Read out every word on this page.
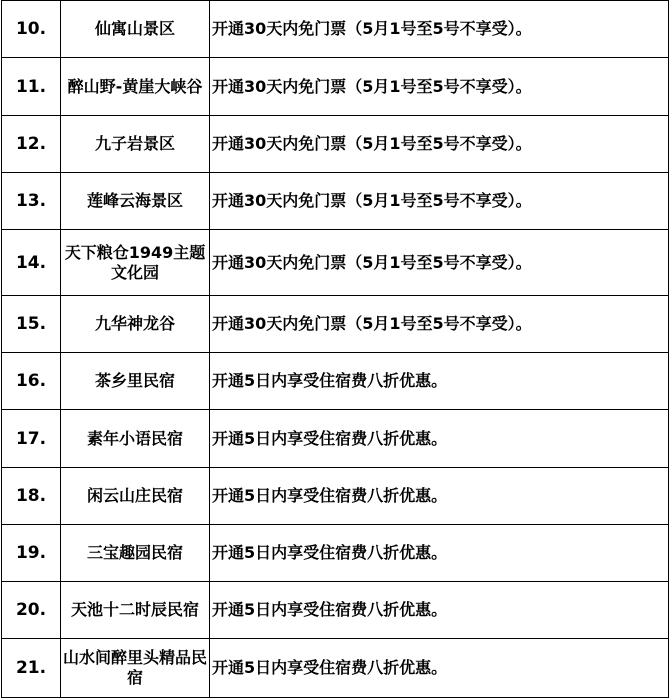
10.	仙寓山景区	开通30天内免门票（5月1号至5号不享受）。
11.	醉山野-黄崖大峡谷	开通30天内免门票（5月1号至5号不享受）。
12.	九子岩景区	开通30天内免门票（5月1号至5号不享受）。
13.	莲峰云海景区	开通30天内免门票（5月1号至5号不享受）。
14.	天下粮仓1949主题文化园	开通30天内免门票（5月1号至5号不享受）。
15.	九华神龙谷	开通30天内免门票（5月1号至5号不享受）。
16.	茶乡里民宿	开通5日内享受住宿费八折优惠。
17.	素年小语民宿	开通5日内享受住宿费八折优惠。
18.	闲云山庄民宿	开通5日内享受住宿费八折优惠。
19.	三宝趣园民宿	开通5日内享受住宿费八折优惠。
20.	天池十二时辰民宿	开通5日内享受住宿费八折优惠。
21.	山水间醉里头精品民宿	开通5日内享受住宿费八折优惠。
